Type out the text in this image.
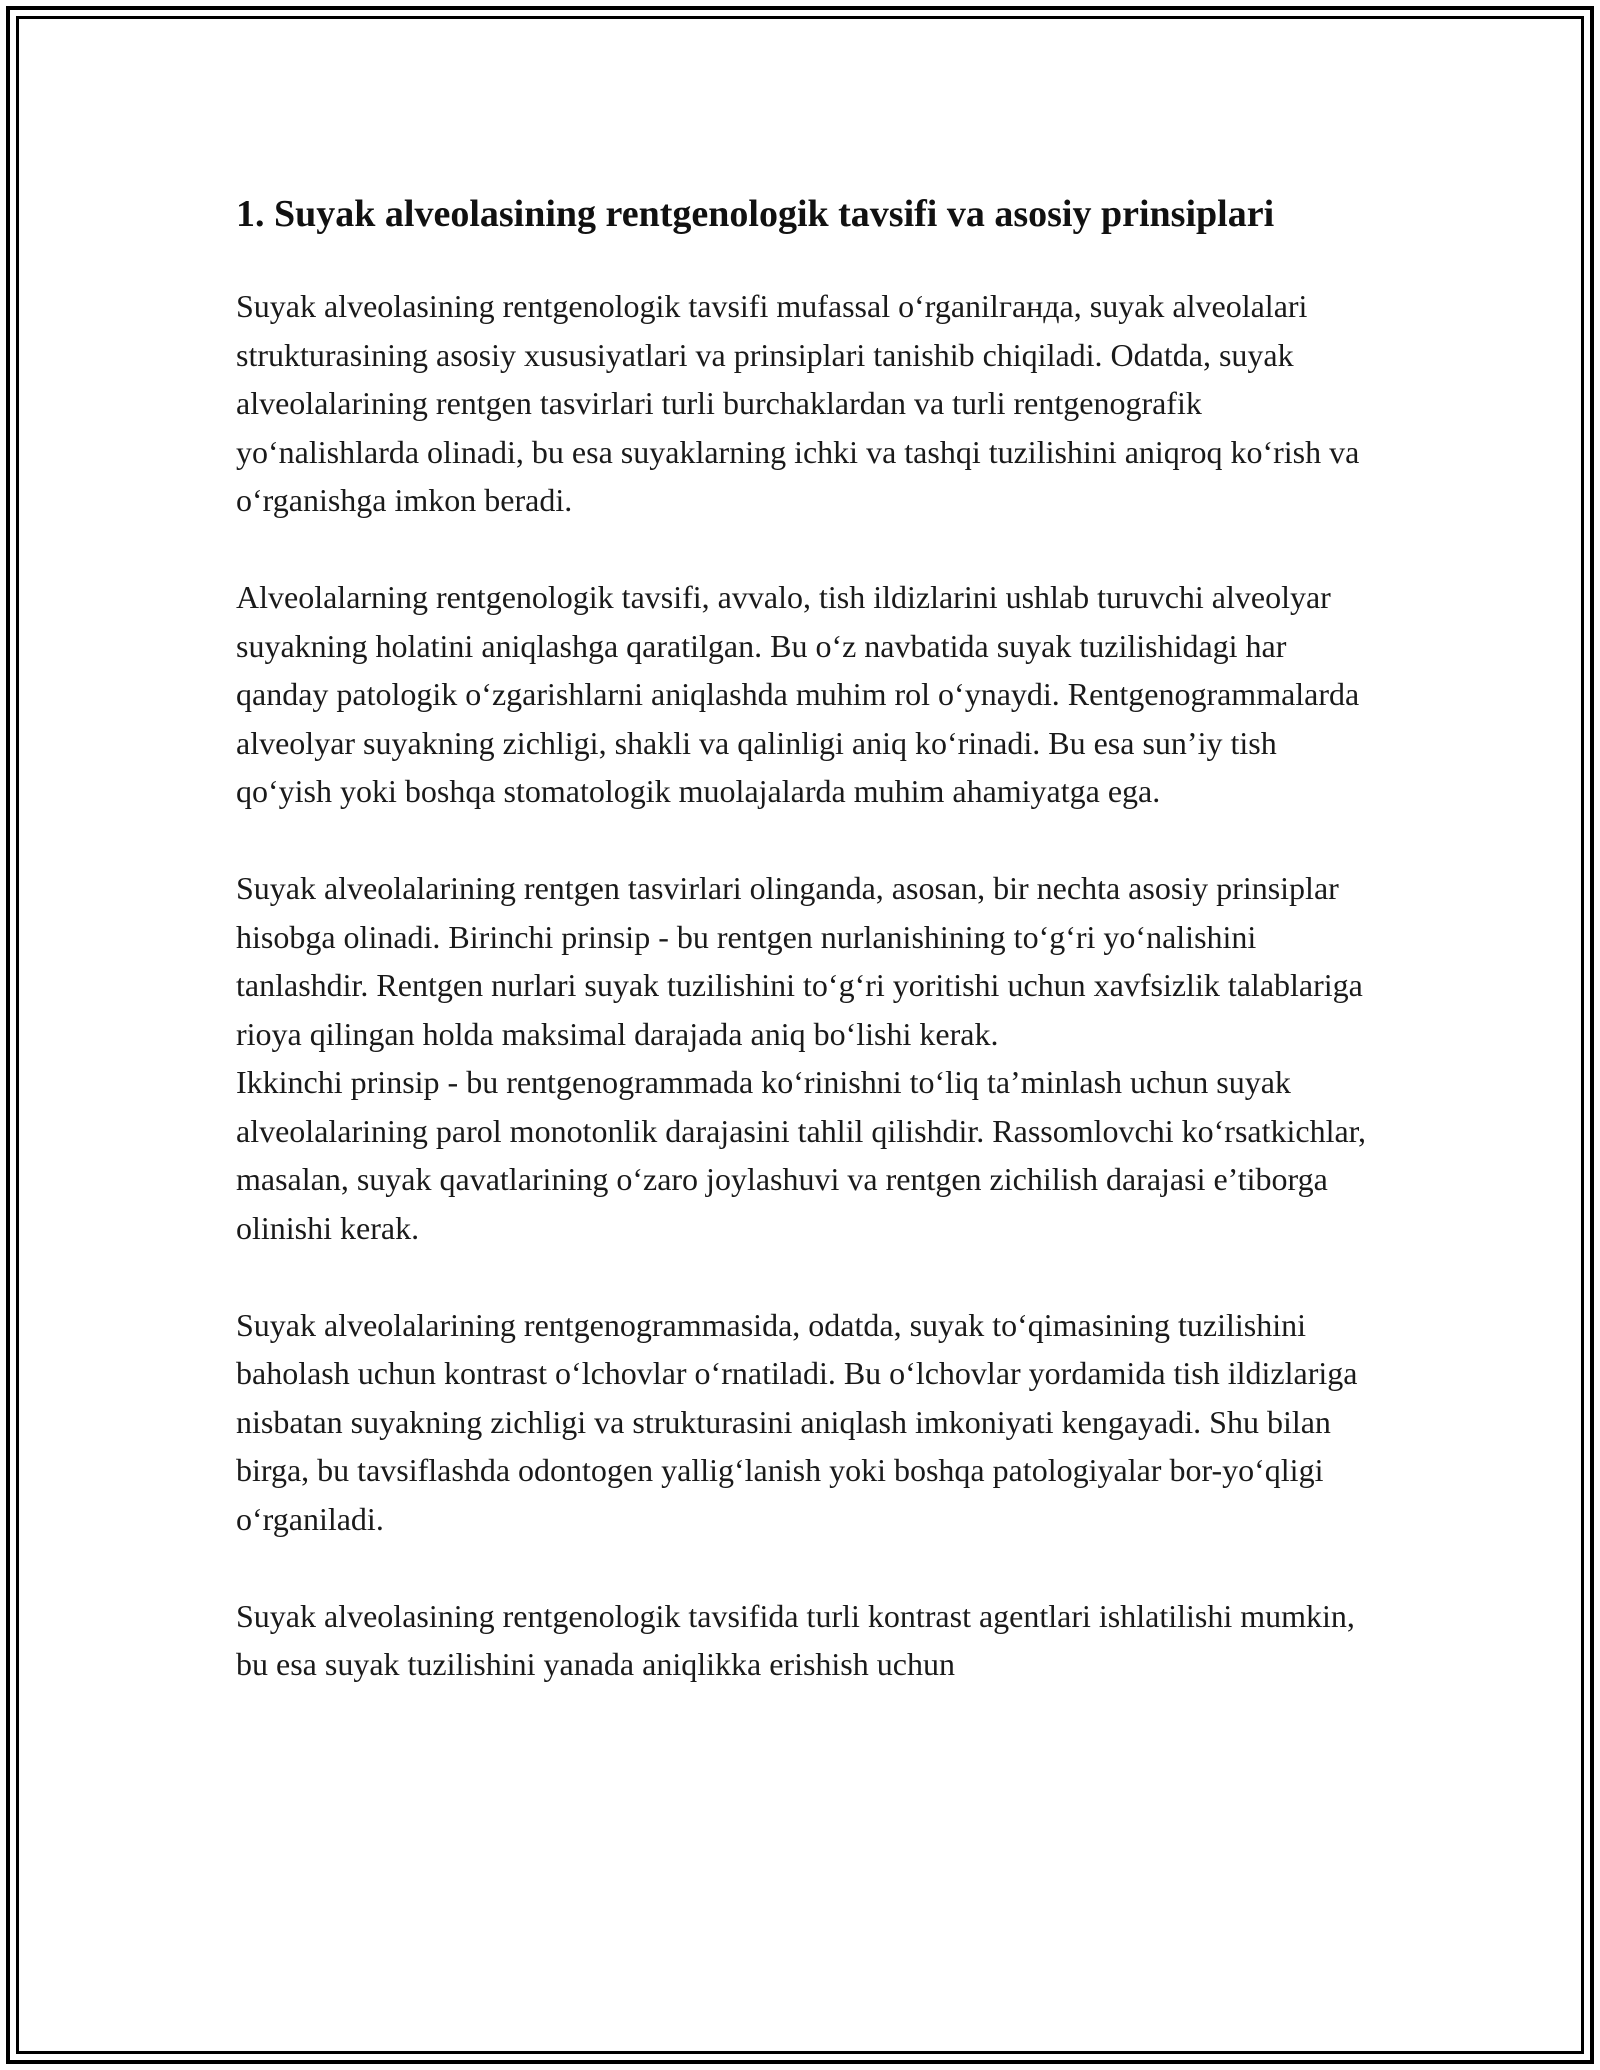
1. Suyak alveolasining rentgenologik tavsifi va asosiy prinsiplari

Suyak alveolasining rentgenologik tavsifi mufassal o‘rganilганда, suyak alveolalari strukturasining asosiy xususiyatlari va prinsiplari tanishib chiqiladi. Odatda, suyak alveolalarining rentgen tasvirlari turli burchaklardan va turli rentgenografik yo‘nalishlarda olinadi, bu esa suyaklarning ichki va tashqi tuzilishini aniqroq ko‘rish va o‘rganishga imkon beradi.

Alveolalarning rentgenologik tavsifi, avvalo, tish ildizlarini ushlab turuvchi alveolyar suyakning holatini aniqlashga qaratilgan. Bu o‘z navbatida suyak tuzilishidagi har qanday patologik o‘zgarishlarni aniqlashda muhim rol o‘ynaydi. Rentgenogrammalarda alveolyar suyakning zichligi, shakli va qalinligi aniq ko‘rinadi. Bu esa sun’iy tish qo‘yish yoki boshqa stomatologik muolajalarda muhim ahamiyatga ega.

Suyak alveolalarining rentgen tasvirlari olinganda, asosan, bir nechta asosiy prinsiplar hisobga olinadi. Birinchi prinsip - bu rentgen nurlanishining to‘g‘ri yo‘nalishini tanlashdir. Rentgen nurlari suyak tuzilishini to‘g‘ri yoritishi uchun xavfsizlik talablariga rioya qilingan holda maksimal darajada aniq bo‘lishi kerak.

Ikkinchi prinsip - bu rentgenogrammada ko‘rinishni to‘liq ta’minlash uchun suyak alveolalarining parol monotonlik darajasini tahlil qilishdir. Rassomlovchi ko‘rsatkichlar, masalan, suyak qavatlarining o‘zaro joylashuvi va rentgen zichilish darajasi e’tiborga olinishi kerak.

Suyak alveolalarining rentgenogrammasida, odatda, suyak to‘qimasining tuzilishini baholash uchun kontrast o‘lchovlar o‘rnatiladi. Bu o‘lchovlar yordamida tish ildizlariga nisbatan suyakning zichligi va strukturasini aniqlash imkoniyati kengayadi. Shu bilan birga, bu tavsiflashda odontogen yallig‘lanish yoki boshqa patologiyalar bor-yo‘qligi o‘rganiladi.

Suyak alveolasining rentgenologik tavsifida turli kontrast agentlari ishlatilishi mumkin, bu esa suyak tuzilishini yanada aniqlikka erishish uchun
